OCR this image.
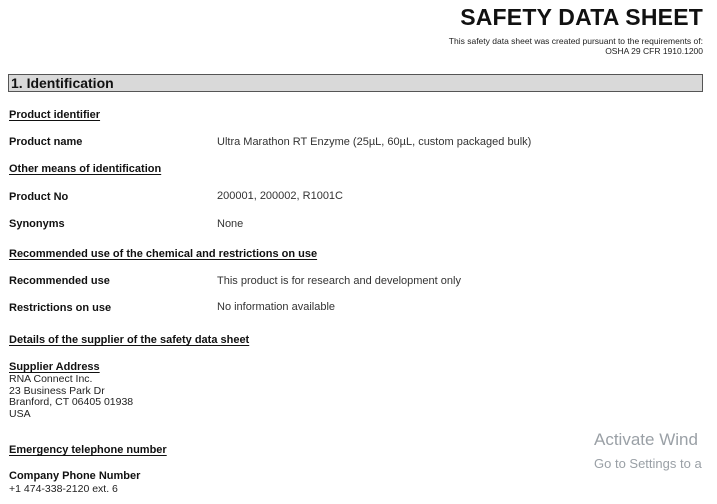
SAFETY DATA SHEET
This safety data sheet was created pursuant to the requirements of:
OSHA 29 CFR 1910.1200
1. Identification
Product identifier
Product name	Ultra Marathon RT Enzyme (25µL, 60µL, custom packaged bulk)
Other means of identification
Product No	200001, 200002, R1001C
Synonyms	None
Recommended use of the chemical and restrictions on use
Recommended use	This product is for research and development only
Restrictions on use	No information available
Details of the supplier of the safety data sheet
Supplier Address
RNA Connect Inc.
23 Business Park Dr
Branford, CT 06405 01938
USA
Emergency telephone number
Company Phone Number
+1 474-338-2120 ext. 6
Activate Wind
Go to Settings to a
